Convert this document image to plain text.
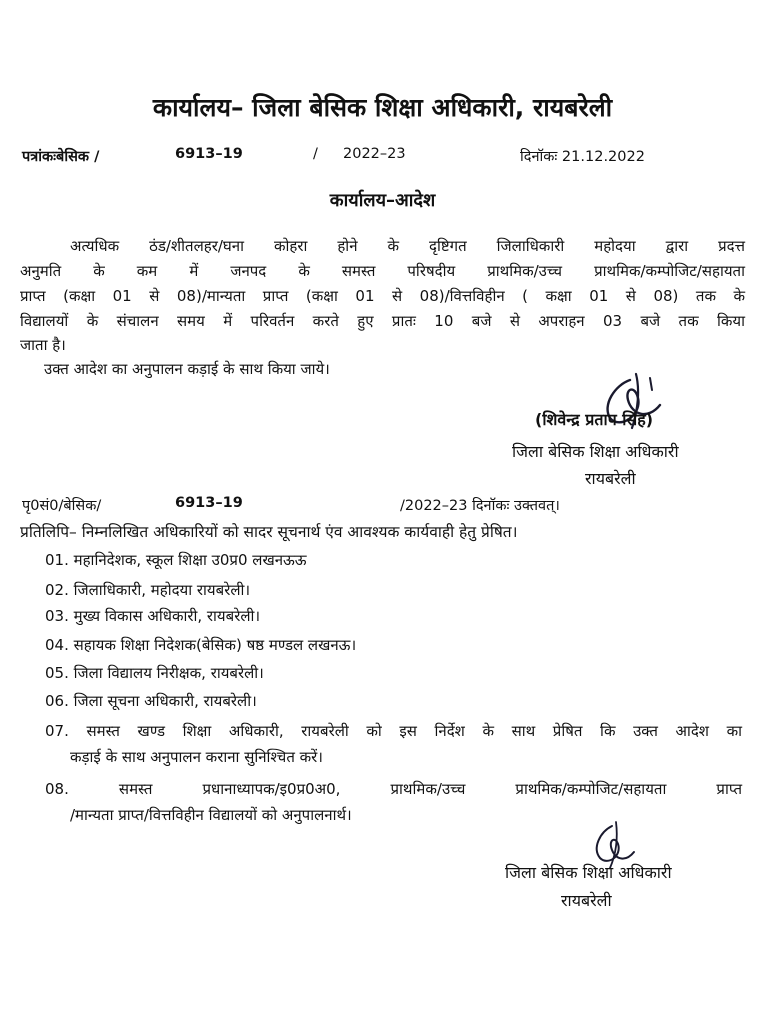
कार्यालय– जिला बेसिक शिक्षा अधिकारी, रायबरेली
पत्रांकःबेसिक /	6913–19	/ 2022–23	दिनॉकः 21.12.2022
कार्यालय–आदेश
अत्यधिक ठंड/शीतलहर/घना कोहरा होने के दृष्टिगत जिलाधिकारी महोदया द्वारा प्रदत्त
अनुमति के कम में जनपद के समस्त परिषदीय प्राथमिक/उच्च प्राथमिक/कम्पोजिट/सहायता
प्राप्त (कक्षा 01 से 08)/मान्यता प्राप्त (कक्षा 01 से 08)/वित्तविहीन ( कक्षा 01 से 08) तक के
विद्यालयों के संचालन समय में परिवर्तन करते हुए प्रातः 10 बजे से अपराहन 03 बजे तक किया
जाता है।
उक्त आदेश का अनुपालन कड़ाई के साथ किया जाये।
(शिवेन्द्र प्रताप सिंह)
जिला बेसिक शिक्षा अधिकारी
रायबरेली
पृ0सं0/बेसिक/	6913–19	/2022–23 दिनॉकः उक्तवत्।
प्रतिलिपि– निम्नलिखित अधिकारियों को सादर सूचनार्थ एंव आवश्यक कार्यवाही हेतु प्रेषित।
01. महानिदेशक, स्कूल शिक्षा उ0प्र0 लखनऊऊ
02. जिलाधिकारी, महोदया रायबरेली।
03. मुख्य विकास अधिकारी, रायबरेली।
04. सहायक शिक्षा निदेशक(बेसिक) षष्ठ मण्डल लखनऊ।
05. जिला विद्यालय निरीक्षक, रायबरेली।
06. जिला सूचना अधिकारी, रायबरेली।
07. समस्त खण्ड शिक्षा अधिकारी, रायबरेली को इस निर्देश के साथ प्रेषित कि उक्त आदेश का
कड़ाई के साथ अनुपालन कराना सुनिश्चित करें।
08. समस्त प्रधानाध्यापक/इ0प्र0अ0, प्राथमिक/उच्च प्राथमिक/कम्पोजिट/सहायता प्राप्त
/मान्यता प्राप्त/वित्तविहीन विद्यालयों को अनुपालनार्थ।
जिला बेसिक शिक्षा अधिकारी
रायबरेली
